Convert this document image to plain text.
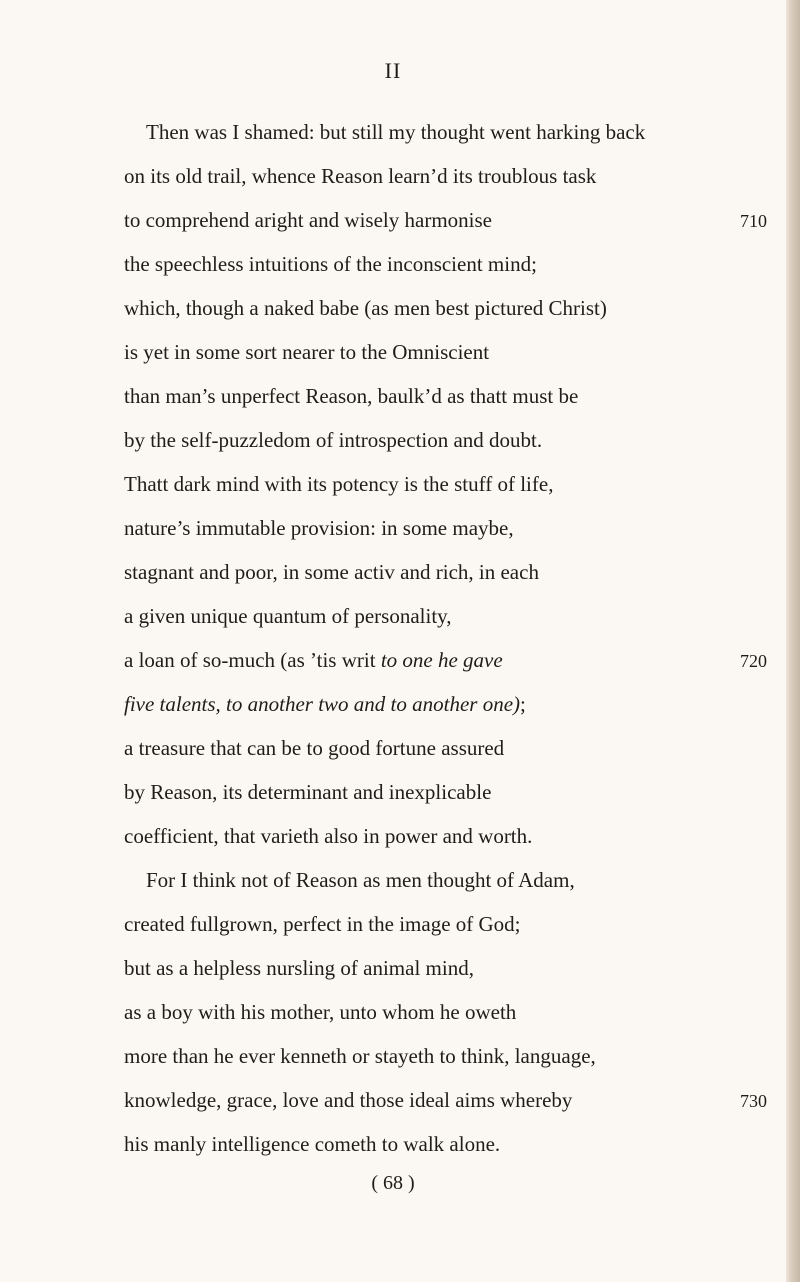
II
Then was I shamed: but still my thought went harking back
on its old trail, whence Reason learn’d its troublous task
to comprehend aright and wisely harmonise	710
the speechless intuitions of the inconscient mind;
which, though a naked babe (as men best pictured Christ)
is yet in some sort nearer to the Omniscient
than man’s unperfect Reason, baulk’d as thatt must be
by the self-puzzledom of introspection and doubt.
Thatt dark mind with its potency is the stuff of life,
nature’s immutable provision: in some maybe,
stagnant and poor, in some activ and rich, in each
a given unique quantum of personality,
a loan of so-much (as ’tis writ to one he gave	720
five talents, to another two and to another one);
a treasure that can be to good fortune assured
by Reason, its determinant and inexplicable
coefficient, that varieth also in power and worth.
For I think not of Reason as men thought of Adam,
created fullgrown, perfect in the image of God;
but as a helpless nursling of animal mind,
as a boy with his mother, unto whom he oweth
more than he ever kenneth or stayeth to think, language,
knowledge, grace, love and those ideal aims whereby	730
his manly intelligence cometh to walk alone.
( 68 )
